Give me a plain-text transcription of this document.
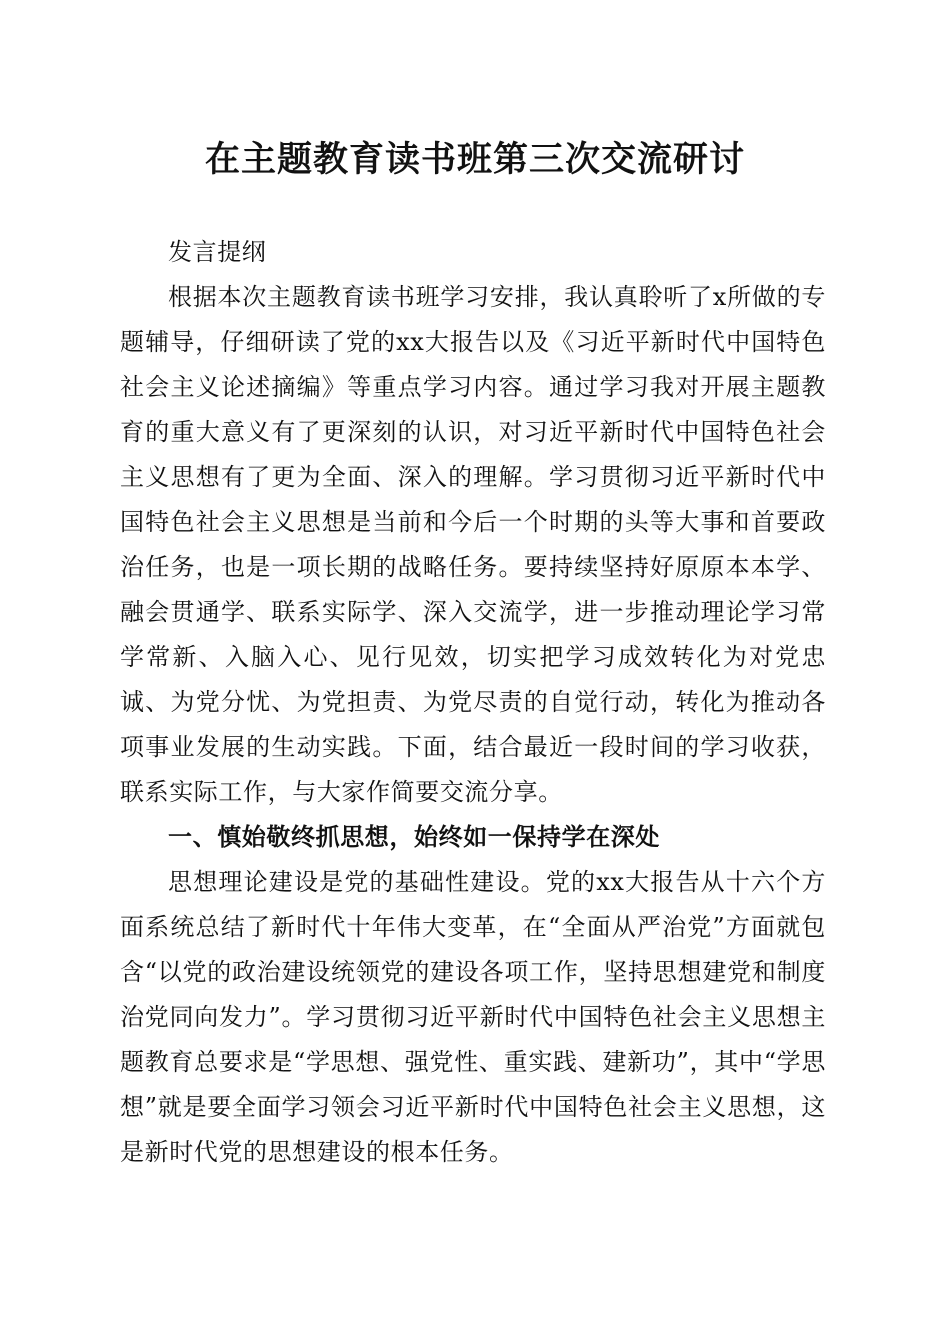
在主题教育读书班第三次交流研讨

发言提纲

根据本次主题教育读书班学习安排，我认真聆听了x所做的专题辅导，仔细研读了党的xx大报告以及《习近平新时代中国特色社会主义论述摘编》等重点学习内容。通过学习我对开展主题教育的重大意义有了更深刻的认识，对习近平新时代中国特色社会主义思想有了更为全面、深入的理解。学习贯彻习近平新时代中国特色社会主义思想是当前和今后一个时期的头等大事和首要政治任务，也是一项长期的战略任务。要持续坚持好原原本本学、融会贯通学、联系实际学、深入交流学，进一步推动理论学习常学常新、入脑入心、见行见效，切实把学习成效转化为对党忠诚、为党分忧、为党担责、为党尽责的自觉行动，转化为推动各项事业发展的生动实践。下面，结合最近一段时间的学习收获，联系实际工作，与大家作简要交流分享。

一、慎始敬终抓思想，始终如一保持学在深处

思想理论建设是党的基础性建设。党的xx大报告从十六个方面系统总结了新时代十年伟大变革，在“全面从严治党”方面就包含“以党的政治建设统领党的建设各项工作，坚持思想建党和制度治党同向发力”。学习贯彻习近平新时代中国特色社会主义思想主题教育总要求是“学思想、强党性、重实践、建新功”，其中“学思想”就是要全面学习领会习近平新时代中国特色社会主义思想，这是新时代党的思想建设的根本任务。
